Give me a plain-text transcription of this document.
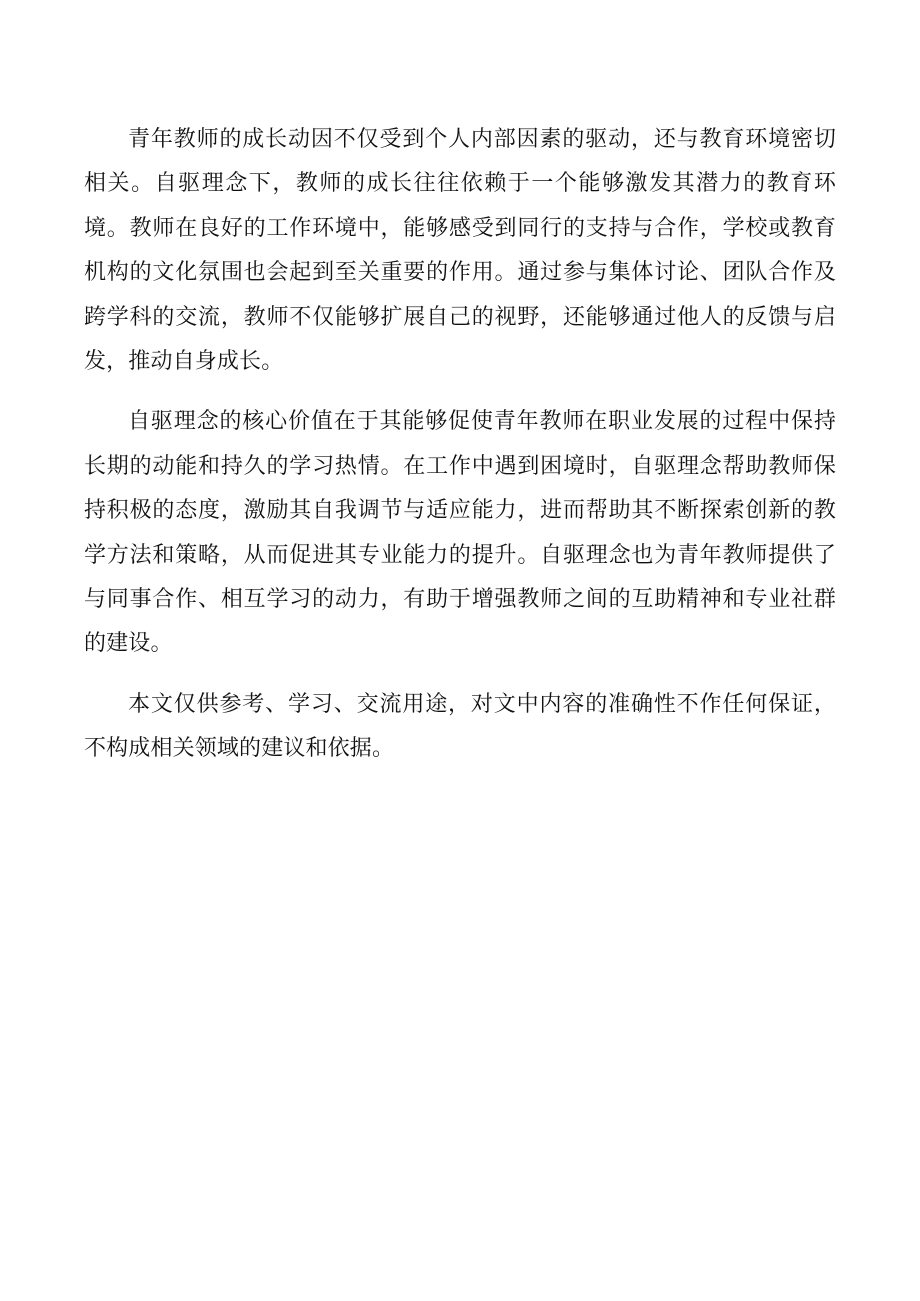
青年教师的成长动因不仅受到个人内部因素的驱动，还与教育环境密切相关。自驱理念下，教师的成长往往依赖于一个能够激发其潜力的教育环境。教师在良好的工作环境中，能够感受到同行的支持与合作，学校或教育机构的文化氛围也会起到至关重要的作用。通过参与集体讨论、团队合作及跨学科的交流，教师不仅能够扩展自己的视野，还能够通过他人的反馈与启发，推动自身成长。

自驱理念的核心价值在于其能够促使青年教师在职业发展的过程中保持长期的动能和持久的学习热情。在工作中遇到困境时，自驱理念帮助教师保持积极的态度，激励其自我调节与适应能力，进而帮助其不断探索创新的教学方法和策略，从而促进其专业能力的提升。自驱理念也为青年教师提供了与同事合作、相互学习的动力，有助于增强教师之间的互助精神和专业社群的建设。

本文仅供参考、学习、交流用途，对文中内容的准确性不作任何保证，不构成相关领域的建议和依据。
